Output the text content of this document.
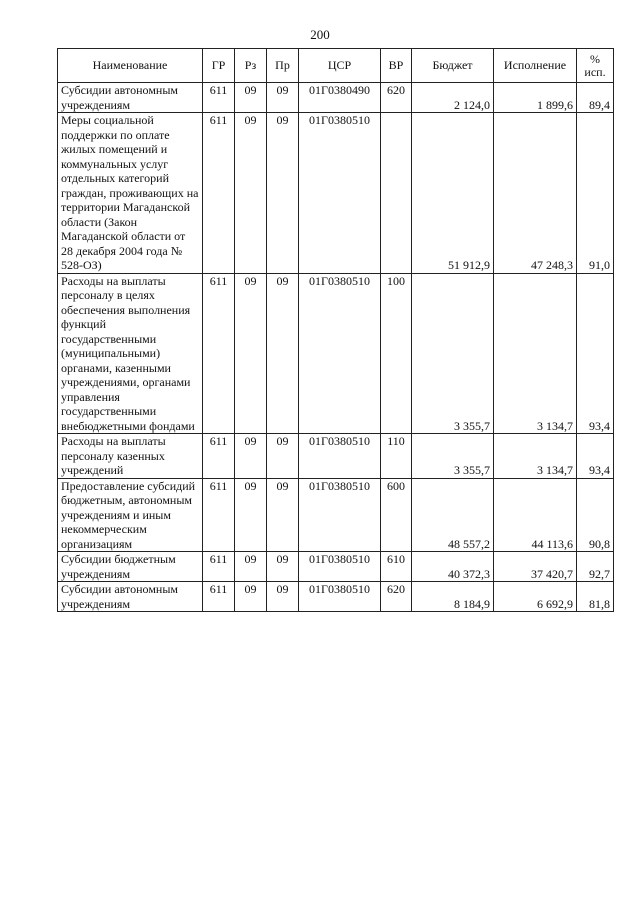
200
Наименование	ГР	Рз	Пр	ЦСР	ВР	Бюджет	Исполнение	%
исп.
Субсидии автономным учреждениям	611	09	09	01Г0380490	620	2 124,0	1 899,6	89,4
Меры социальной поддержки по оплате жилых помещений и коммунальных услуг отдельных категорий граждан, проживающих на территории Магаданской области (Закон Магаданской области от 28 декабря 2004 года № 528-ОЗ)	611	09	09	01Г0380510		51 912,9	47 248,3	91,0
Расходы на выплаты персоналу в целях обеспечения выполнения функций государственными (муниципальными) органами, казенными учреждениями, органами управления государственными внебюджетными фондами	611	09	09	01Г0380510	100	3 355,7	3 134,7	93,4
Расходы на выплаты персоналу казенных учреждений	611	09	09	01Г0380510	110	3 355,7	3 134,7	93,4
Предоставление субсидий бюджетным, автономным учреждениям и иным некоммерческим организациям	611	09	09	01Г0380510	600	48 557,2	44 113,6	90,8
Субсидии бюджетным учреждениям	611	09	09	01Г0380510	610	40 372,3	37 420,7	92,7
Субсидии автономным учреждениям	611	09	09	01Г0380510	620	8 184,9	6 692,9	81,8
